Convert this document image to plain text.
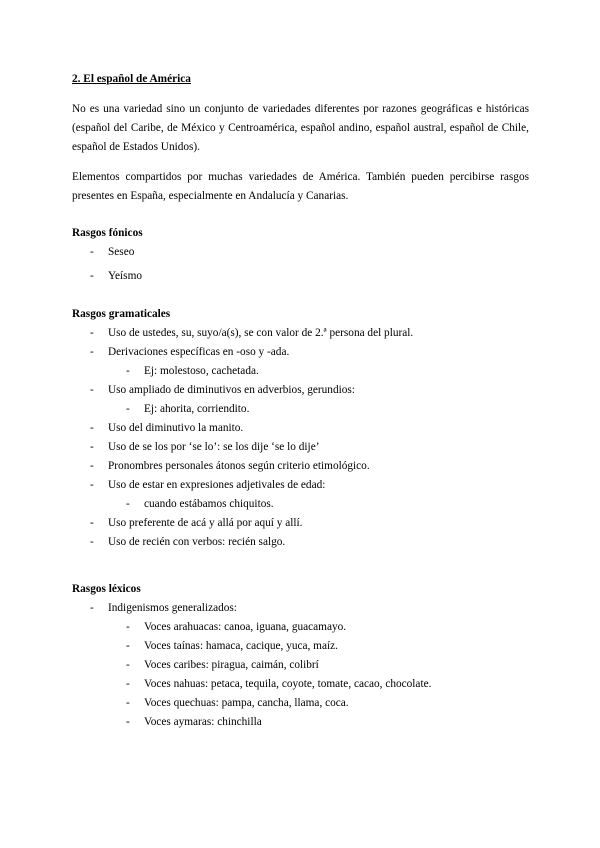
2. El español de América

No es una variedad sino un conjunto de variedades diferentes por razones geográficas e históricas (español del Caribe, de México y Centroamérica, español andino, español austral, español de Chile, español de Estados Unidos).

Elementos compartidos por muchas variedades de América. También pueden percibirse rasgos presentes en España, especialmente en Andalucía y Canarias.

Rasgos fónicos

- Seseo
- Yeísmo

Rasgos gramaticales

- Uso de ustedes, su, suyo/a(s), se con valor de 2.ª persona del plural.
- Derivaciones específicas en -oso y -ada.
- Ej: molestoso, cachetada.
- Uso ampliado de diminutivos en adverbios, gerundios:
- Ej: ahorita, corriendito.
- Uso del diminutivo la manito.
- Uso de se los por ‘se lo’: se los dije ‘se lo dije’
- Pronombres personales átonos según criterio etimológico.
- Uso de estar en expresiones adjetivales de edad:
- cuando estábamos chiquitos.
- Uso preferente de acá y allá por aquí y allí.
- Uso de recién con verbos: recién salgo.

Rasgos léxicos

- Indigenismos generalizados:
- Voces arahuacas: canoa, iguana, guacamayo.
- Voces taínas: hamaca, cacique, yuca, maíz.
- Voces caribes: piragua, caimán, colibrí
- Voces nahuas: petaca, tequila, coyote, tomate, cacao, chocolate.
- Voces quechuas: pampa, cancha, llama, coca.
- Voces aymaras: chinchilla
